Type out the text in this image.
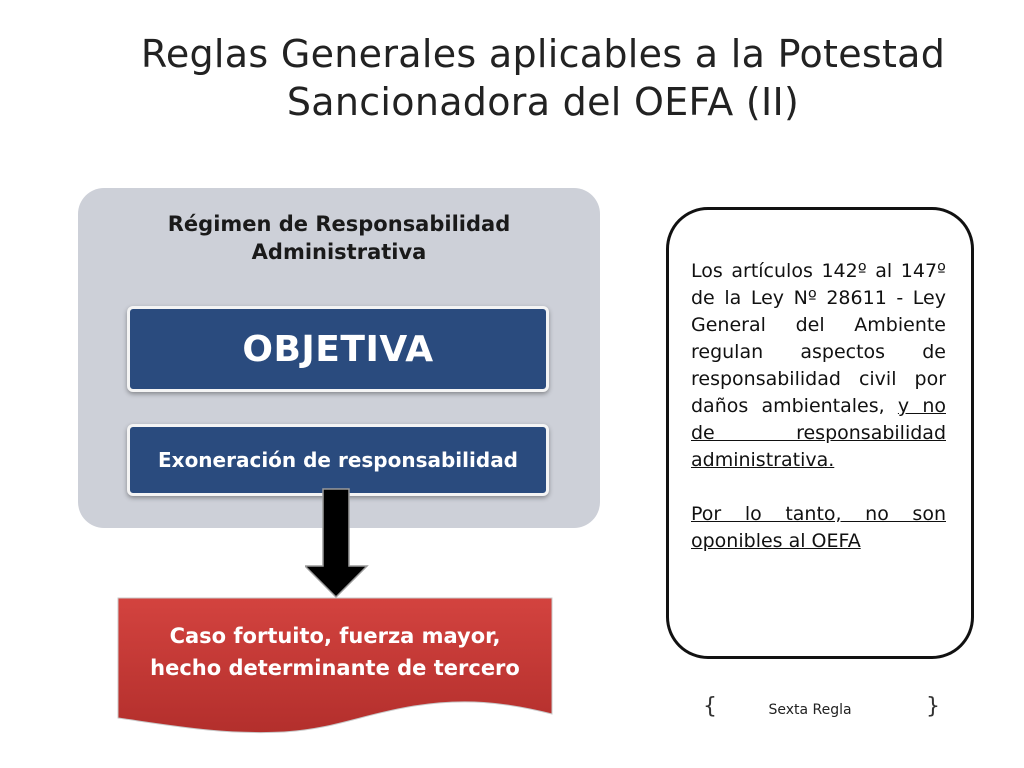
Reglas Generales aplicables a la Potestad
Sancionadora del OEFA (II)
Régimen de Responsabilidad
Administrativa
OBJETIVA
Exoneración de responsabilidad
Caso fortuito, fuerza mayor,
hecho determinante de tercero

Los artículos 142º al 147º de la Ley Nº 28611 - Ley General del Ambiente regulan aspectos de responsabilidad civil por daños ambientales, y no de responsabilidad administrativa.

Por lo tanto, no son oponibles al OEFA

{	Sexta Regla	}
